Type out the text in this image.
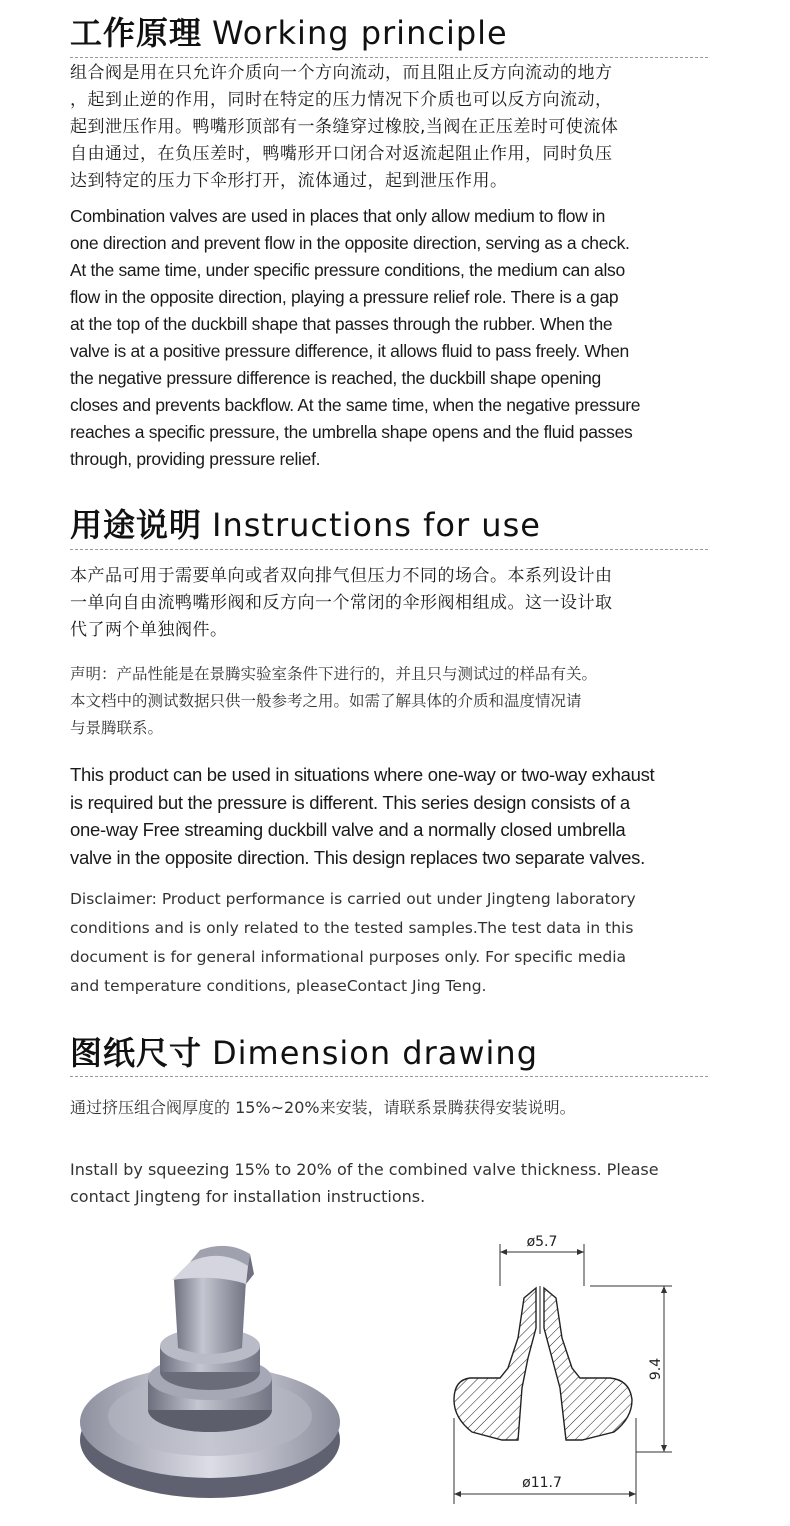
工作原理 Working principle

组合阀是用在只允许介质向一个方向流动，而且阻止反方向流动的地方
，起到止逆的作用，同时在特定的压力情况下介质也可以反方向流动，
起到泄压作用。鸭嘴形顶部有一条缝穿过橡胶,当阀在正压差时可使流体
自由通过，在负压差时，鸭嘴形开口闭合对返流起阻止作用，同时负压
达到特定的压力下伞形打开，流体通过，起到泄压作用。

Combination valves are used in places that only allow medium to flow in
one direction and prevent flow in the opposite direction, serving as a check.
At the same time, under specific pressure conditions, the medium can also
flow in the opposite direction, playing a pressure relief role. There is a gap
at the top of the duckbill shape that passes through the rubber. When the
valve is at a positive pressure difference, it allows fluid to pass freely. When
the negative pressure difference is reached, the duckbill shape opening
closes and prevents backflow. At the same time, when the negative pressure
reaches a specific pressure, the umbrella shape opens and the fluid passes
through, providing pressure relief.

用途说明 Instructions for use

本产品可用于需要单向或者双向排气但压力不同的场合。本系列设计由
一单向自由流鸭嘴形阀和反方向一个常闭的伞形阀相组成。这一设计取
代了两个单独阀件。

声明：产品性能是在景腾实验室条件下进行的，并且只与测试过的样品有关。
本文档中的测试数据只供一般参考之用。如需了解具体的介质和温度情况请
与景腾联系。

This product can be used in situations where one-way or two-way exhaust
is required but the pressure is different. This series design consists of a
one-way Free streaming duckbill valve and a normally closed umbrella
valve in the opposite direction. This design replaces two separate valves.

Disclaimer: Product performance is carried out under Jingteng laboratory
conditions and is only related to the tested samples.The test data in this
document is for general informational purposes only. For specific media
and temperature conditions, pleaseContact Jing Teng.

图纸尺寸 Dimension drawing

通过挤压组合阀厚度的 15%~20%来安装，请联系景腾获得安装说明。

Install by squeezing 15% to 20% of the combined valve thickness. Please
contact Jingteng for installation instructions.

ø5.7
9.4
ø11.7
